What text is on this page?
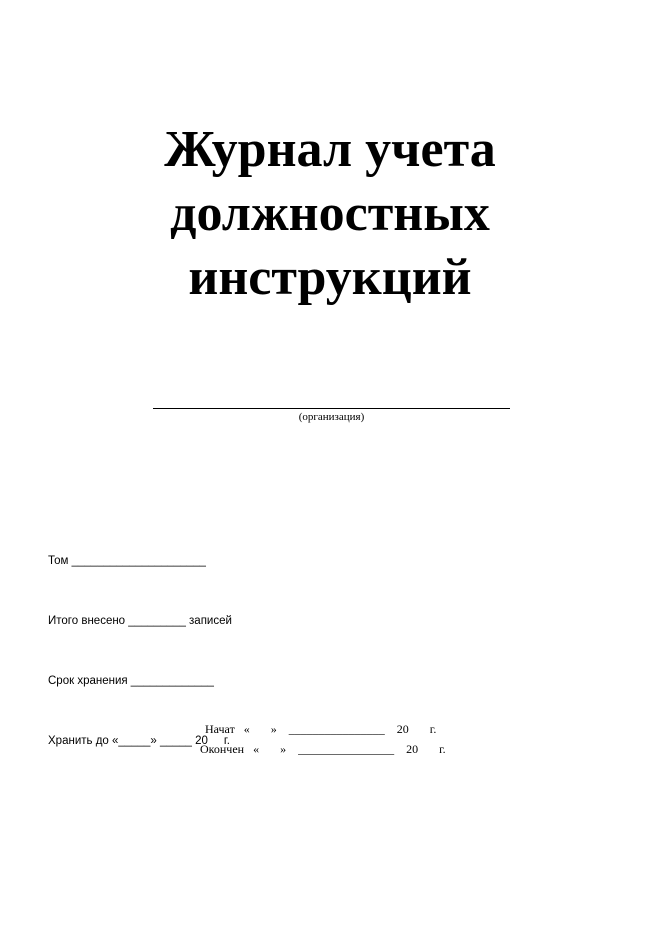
Журнал учета
должностных
инструкций
(организация)

Том _____________________

Итого внесено _________ записей

Срок хранения _____________

Хранить до «_____» _____ 20     г.

Начат   «       »    ________________    20       г.
Окончен   «       »    ________________    20       г.
